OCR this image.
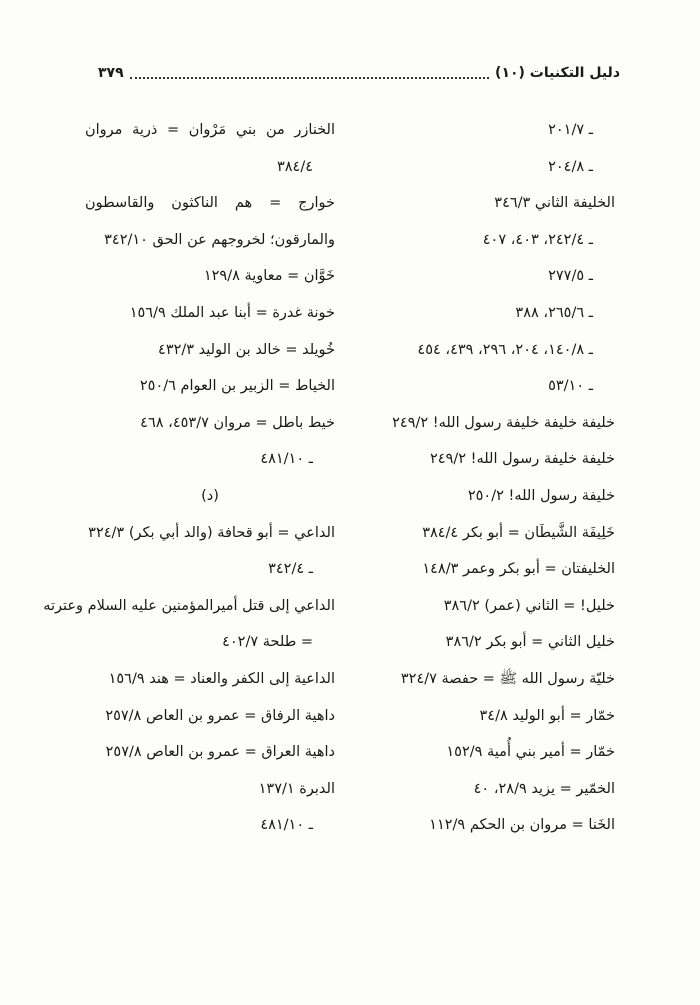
دليل التكنيات (١٠)
٣٧٩
ـ ٢٠١/٧
ـ ٢٠٤/٨
الخليفة الثاني ٣٤٦/٣
ـ ٢٤٢/٤، ٤٠٣، ٤٠٧
ـ ٢٧٧/٥
ـ ٢٦٥/٦، ٣٨٨
ـ ١٤٠/٨، ٢٠٤، ٢٩٦، ٤٣٩، ٤٥٤
ـ ٥٣/١٠
خليفة خليفة خليفة رسول الله! ٢٤٩/٢
خليفة خليفة رسول الله! ٢٤٩/٢
خليفة رسول الله! ٢٥٠/٢
خَلِيفَة الشَّيطَان = أبو بكر ٣٨٤/٤
الخليفتان = أبو بكر وعمر ١٤٨/٣
خليل! = الثاني (عمر) ٣٨٦/٢
خليل الثاني = أبو بكر ٣٨٦/٢
خليّة رسول الله ﷺ = حفصة ٣٢٤/٧
خمّار = أبو الوليد ٣٤/٨
خمّار = أمير بني أُمية ١٥٢/٩
الخمّير = يزيد ٢٨/٩، ٤٠
الخَنا = مروان بن الحكم ١١٢/٩
الخنازر من بني مَرْوان = ذرية مروان
٣٨٤/٤
خوارج = هم الناكثون والقاسطون
والمارقون؛ لخروجهم عن الحق ٣٤٢/١٠
خَوَّان = معاوية ١٢٩/٨
خونة غدرة = أبنا عبد الملك ١٥٦/٩
خُويلد = خالد بن الوليد ٤٣٢/٣
الخياط = الزبير بن العوام ٢٥٠/٦
خيط باطل = مروان ٤٥٣/٧، ٤٦٨
ـ ٤٨١/١٠
(د)
الداعي = أبو قحافة (والد أبي بكر) ٣٢٤/٣
ـ ٣٤٢/٤
الداعي إلى قتل أميرالمؤمنين عليه السلام وعترته
= طلحة ٤٠٢/٧
الداعية إلى الكفر والعناد = هند ١٥٦/٩
داهية الرفاق = عمرو بن العاص ٢٥٧/٨
داهية العراق = عمرو بن العاص ٢٥٧/٨
الدبرة ١٣٧/١
ـ ٤٨١/١٠
